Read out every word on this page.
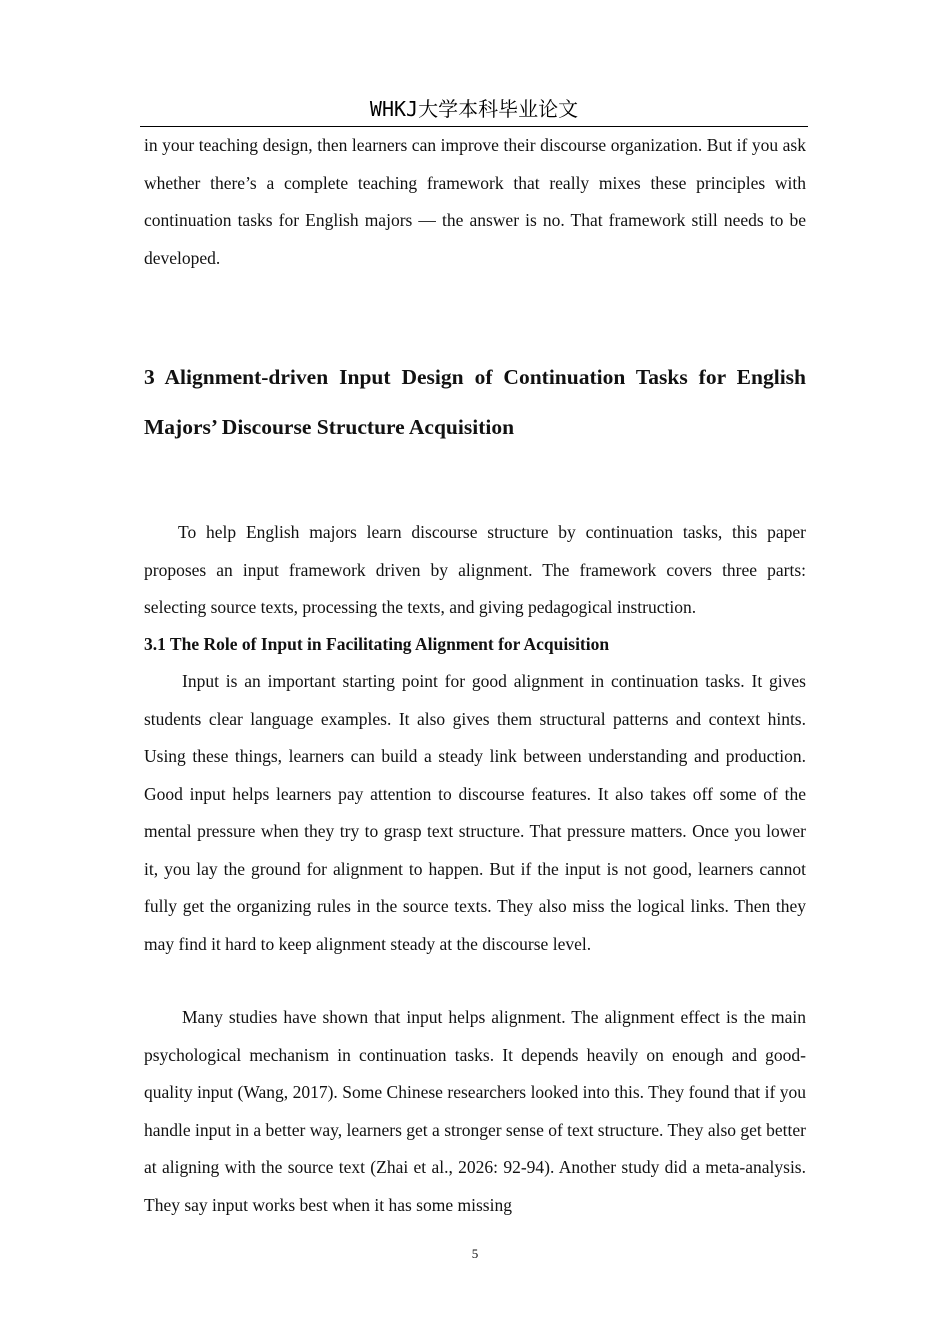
WHKJ大学本科毕业论文

in your teaching design, then learners can improve their discourse organization. But if you ask whether there’s a complete teaching framework that really mixes these principles with continuation tasks for English majors — the answer is no. That framework still needs to be developed.

3 Alignment-driven Input Design of Continuation Tasks for English Majors’ Discourse Structure Acquisition

To help English majors learn discourse structure by continuation tasks, this paper proposes an input framework driven by alignment. The framework covers three parts: selecting source texts, processing the texts, and giving pedagogical instruction.

3.1 The Role of Input in Facilitating Alignment for Acquisition

Input is an important starting point for good alignment in continuation tasks. It gives students clear language examples. It also gives them structural patterns and context hints. Using these things, learners can build a steady link between understanding and production. Good input helps learners pay attention to discourse features. It also takes off some of the mental pressure when they try to grasp text structure. That pressure matters. Once you lower it, you lay the ground for alignment to happen. But if the input is not good, learners cannot fully get the organizing rules in the source texts. They also miss the logical links. Then they may find it hard to keep alignment steady at the discourse level.

Many studies have shown that input helps alignment. The alignment effect is the main psychological mechanism in continuation tasks. It depends heavily on enough and good-quality input (Wang, 2017). Some Chinese researchers looked into this. They found that if you handle input in a better way, learners get a stronger sense of text structure. They also get better at aligning with the source text (Zhai et al., 2026: 92-94). Another study did a meta-analysis. They say input works best when it has some missing

5
